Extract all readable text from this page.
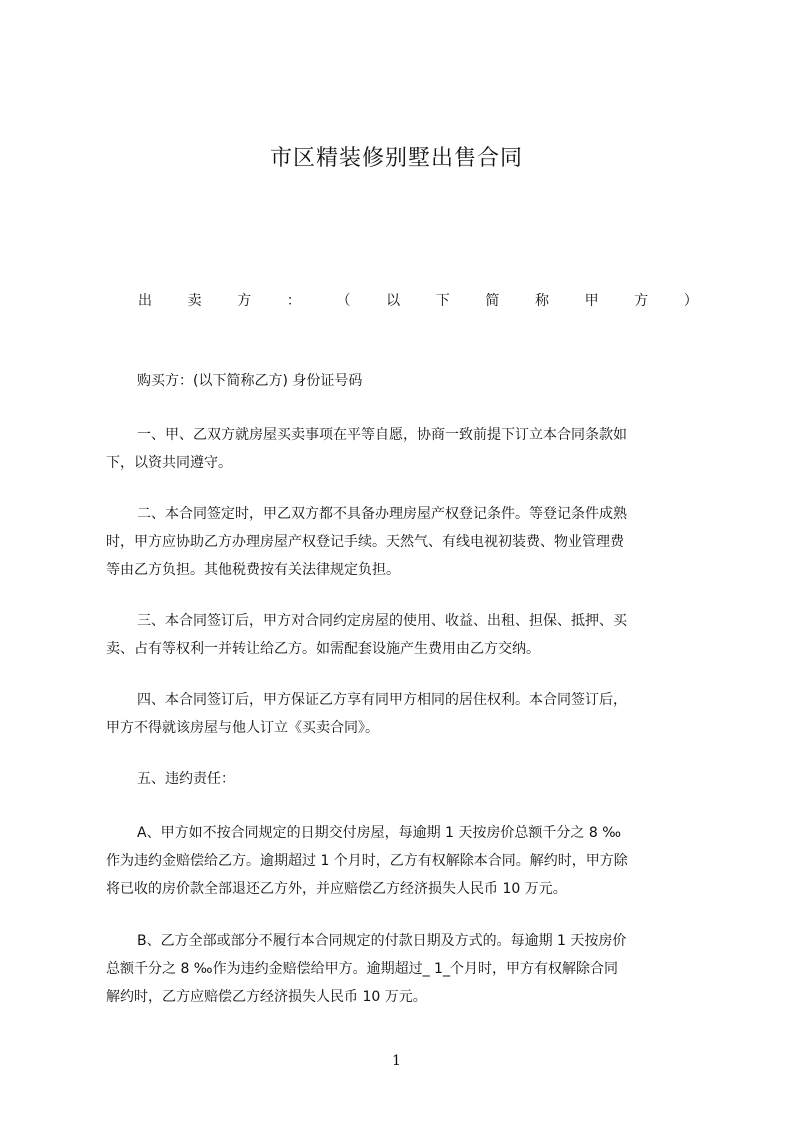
市区精装修别墅出售合同
出	卖	方	：	（	以	下	简	称	甲	方	）
购买方：(以下简称乙方) 身份证号码
一、甲、乙双方就房屋买卖事项在平等自愿，协商一致前提下订立本合同条款如
下，以资共同遵守。
二、本合同签定时，甲乙双方都不具备办理房屋产权登记条件。等登记条件成熟
时，甲方应协助乙方办理房屋产权登记手续。天然气、有线电视初装费、物业管理费
等由乙方负担。其他税费按有关法律规定负担。
三、本合同签订后，甲方对合同约定房屋的使用、收益、出租、担保、抵押、买
卖、占有等权利一并转让给乙方。如需配套设施产生费用由乙方交纳。
四、本合同签订后，甲方保证乙方享有同甲方相同的居住权利。本合同签订后，
甲方不得就该房屋与他人订立《买卖合同》。
五、违约责任：
A、甲方如不按合同规定的日期交付房屋，每逾期 1 天按房价总额千分之 8 ‰
作为违约金赔偿给乙方。逾期超过 1 个月时，乙方有权解除本合同。解约时，甲方除
将已收的房价款全部退还乙方外，并应赔偿乙方经济损失人民币 10 万元。
B、乙方全部或部分不履行本合同规定的付款日期及方式的。每逾期 1 天按房价
总额千分之 8 ‰作为违约金赔偿给甲方。逾期超过_ 1_个月时，甲方有权解除合同
解约时，乙方应赔偿乙方经济损失人民币 10 万元。
1
